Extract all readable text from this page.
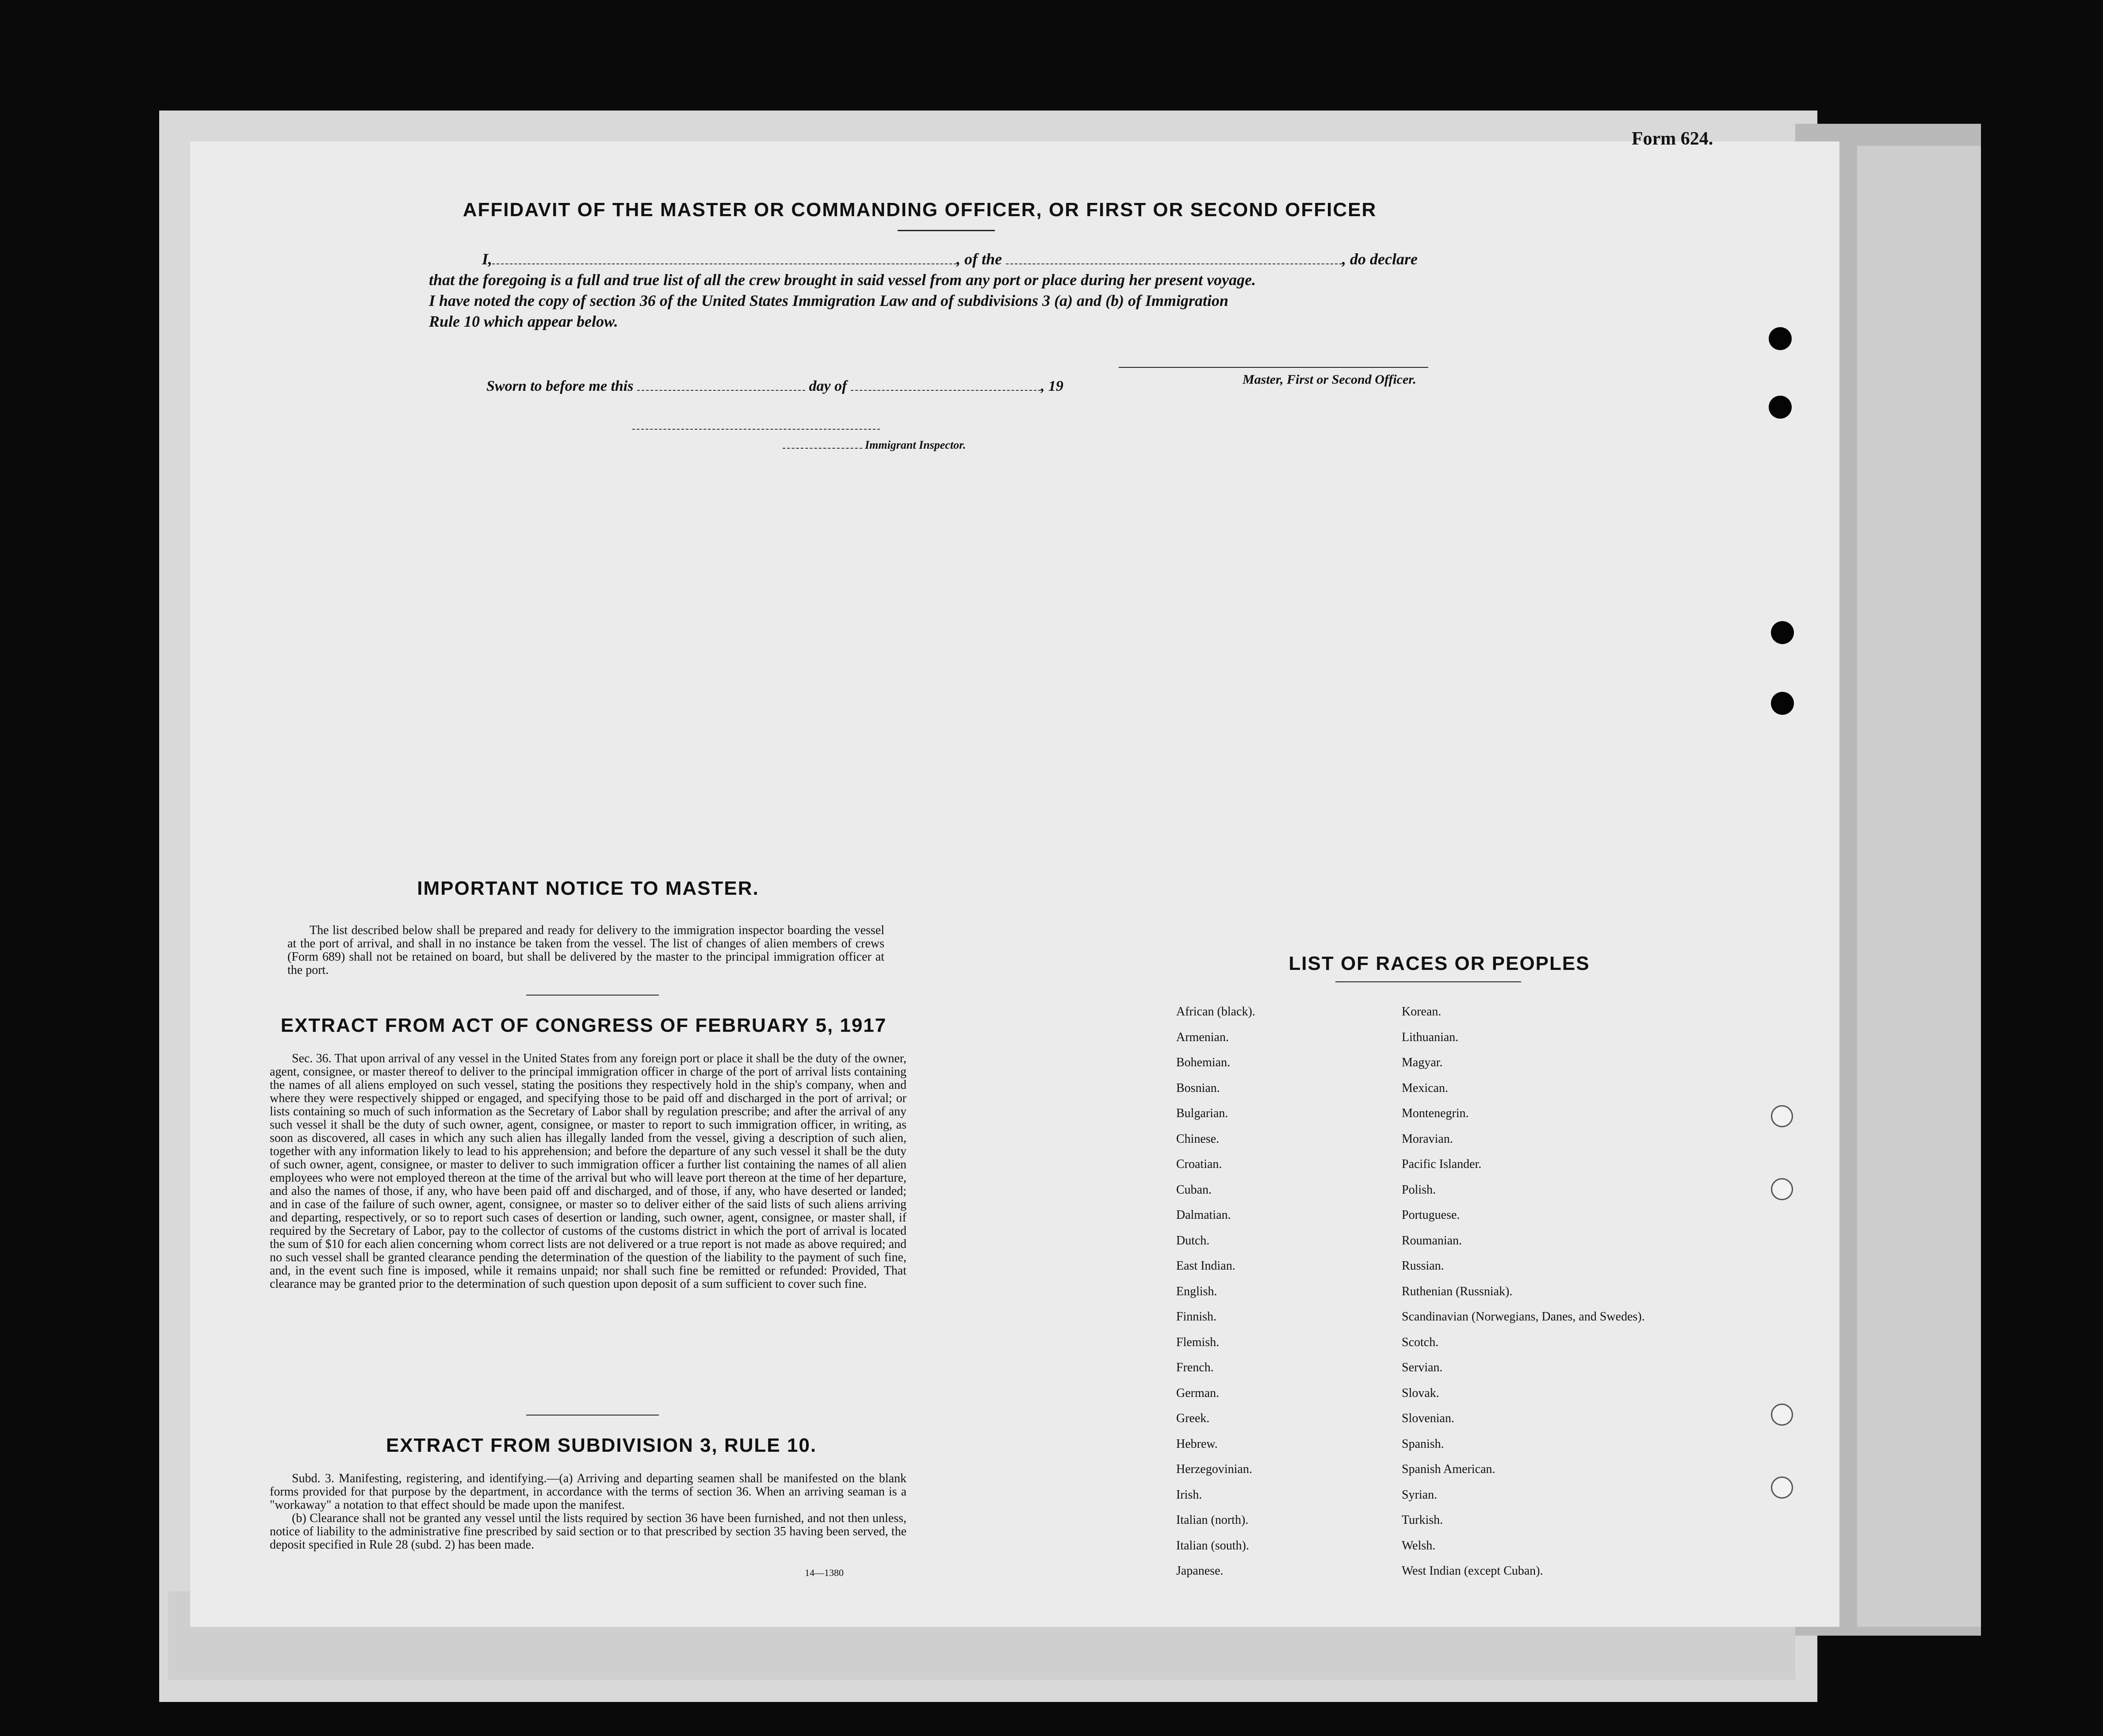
Form 624.
AFFIDAVIT OF THE MASTER OR COMMANDING OFFICER, OR FIRST OR SECOND OFFICER
I,	, of the	, do declare
that the foregoing is a full and true list of all the crew brought in said vessel from any port or place during her present voyage.
I have noted the copy of section 36 of the United States Immigration Law and of subdivisions 3 (a) and (b) of Immigration
Rule 10 which appear below.
Master, First or Second Officer.
Sworn to before me this	day of	, 19
Immigrant Inspector.
IMPORTANT NOTICE TO MASTER.

The list described below shall be prepared and ready for delivery to the immigration inspector boarding the vessel at the port of arrival, and shall in no instance be taken from the vessel. The list of changes of alien members of crews (Form 689) shall not be retained on board, but shall be delivered by the master to the principal immigration officer at the port.

EXTRACT FROM ACT OF CONGRESS OF FEBRUARY 5, 1917

Sec. 36. That upon arrival of any vessel in the United States from any foreign port or place it shall be the duty of the owner, agent, consignee, or master thereof to deliver to the principal immigration officer in charge of the port of arrival lists containing the names of all aliens employed on such vessel, stating the positions they respectively hold in the ship's company, when and where they were respectively shipped or engaged, and specifying those to be paid off and discharged in the port of arrival; or lists containing so much of such information as the Secretary of Labor shall by regulation prescribe; and after the arrival of any such vessel it shall be the duty of such owner, agent, consignee, or master to report to such immigration officer, in writing, as soon as discovered, all cases in which any such alien has illegally landed from the vessel, giving a description of such alien, together with any information likely to lead to his apprehension; and before the departure of any such vessel it shall be the duty of such owner, agent, consignee, or master to deliver to such immigration officer a further list containing the names of all alien employees who were not employed thereon at the time of the arrival but who will leave port thereon at the time of her departure, and also the names of those, if any, who have been paid off and discharged, and of those, if any, who have deserted or landed; and in case of the failure of such owner, agent, consignee, or master so to deliver either of the said lists of such aliens arriving and departing, respectively, or so to report such cases of desertion or landing, such owner, agent, consignee, or master shall, if required by the Secretary of Labor, pay to the collector of customs of the customs district in which the port of arrival is located the sum of $10 for each alien concerning whom correct lists are not delivered or a true report is not made as above required; and no such vessel shall be granted clearance pending the determination of the question of the liability to the payment of such fine, and, in the event such fine is imposed, while it remains unpaid; nor shall such fine be remitted or refunded: Provided, That clearance may be granted prior to the determination of such question upon deposit of a sum sufficient to cover such fine.

EXTRACT FROM SUBDIVISION 3, RULE 10.

Subd. 3. Manifesting, registering, and identifying.—(a) Arriving and departing seamen shall be manifested on the blank forms provided for that purpose by the department, in accordance with the terms of section 36. When an arriving seaman is a "workaway" a notation to that effect should be made upon the manifest.

(b) Clearance shall not be granted any vessel until the lists required by section 36 have been furnished, and not then unless, notice of liability to the administrative fine prescribed by said section or to that prescribed by section 35 having been served, the deposit specified in Rule 28 (subd. 2) has been made.

14—1380
LIST OF RACES OR PEOPLES
African (black).
Armenian.
Bohemian.
Bosnian.
Bulgarian.
Chinese.
Croatian.
Cuban.
Dalmatian.
Dutch.
East Indian.
English.
Finnish.
Flemish.
French.
German.
Greek.
Hebrew.
Herzegovinian.
Irish.
Italian (north).
Italian (south).
Japanese.
Korean.
Lithuanian.
Magyar.
Mexican.
Montenegrin.
Moravian.
Pacific Islander.
Polish.
Portuguese.
Roumanian.
Russian.
Ruthenian (Russniak).
Scandinavian (Norwegians, Danes, and Swedes).
Scotch.
Servian.
Slovak.
Slovenian.
Spanish.
Spanish American.
Syrian.
Turkish.
Welsh.
West Indian (except Cuban).
